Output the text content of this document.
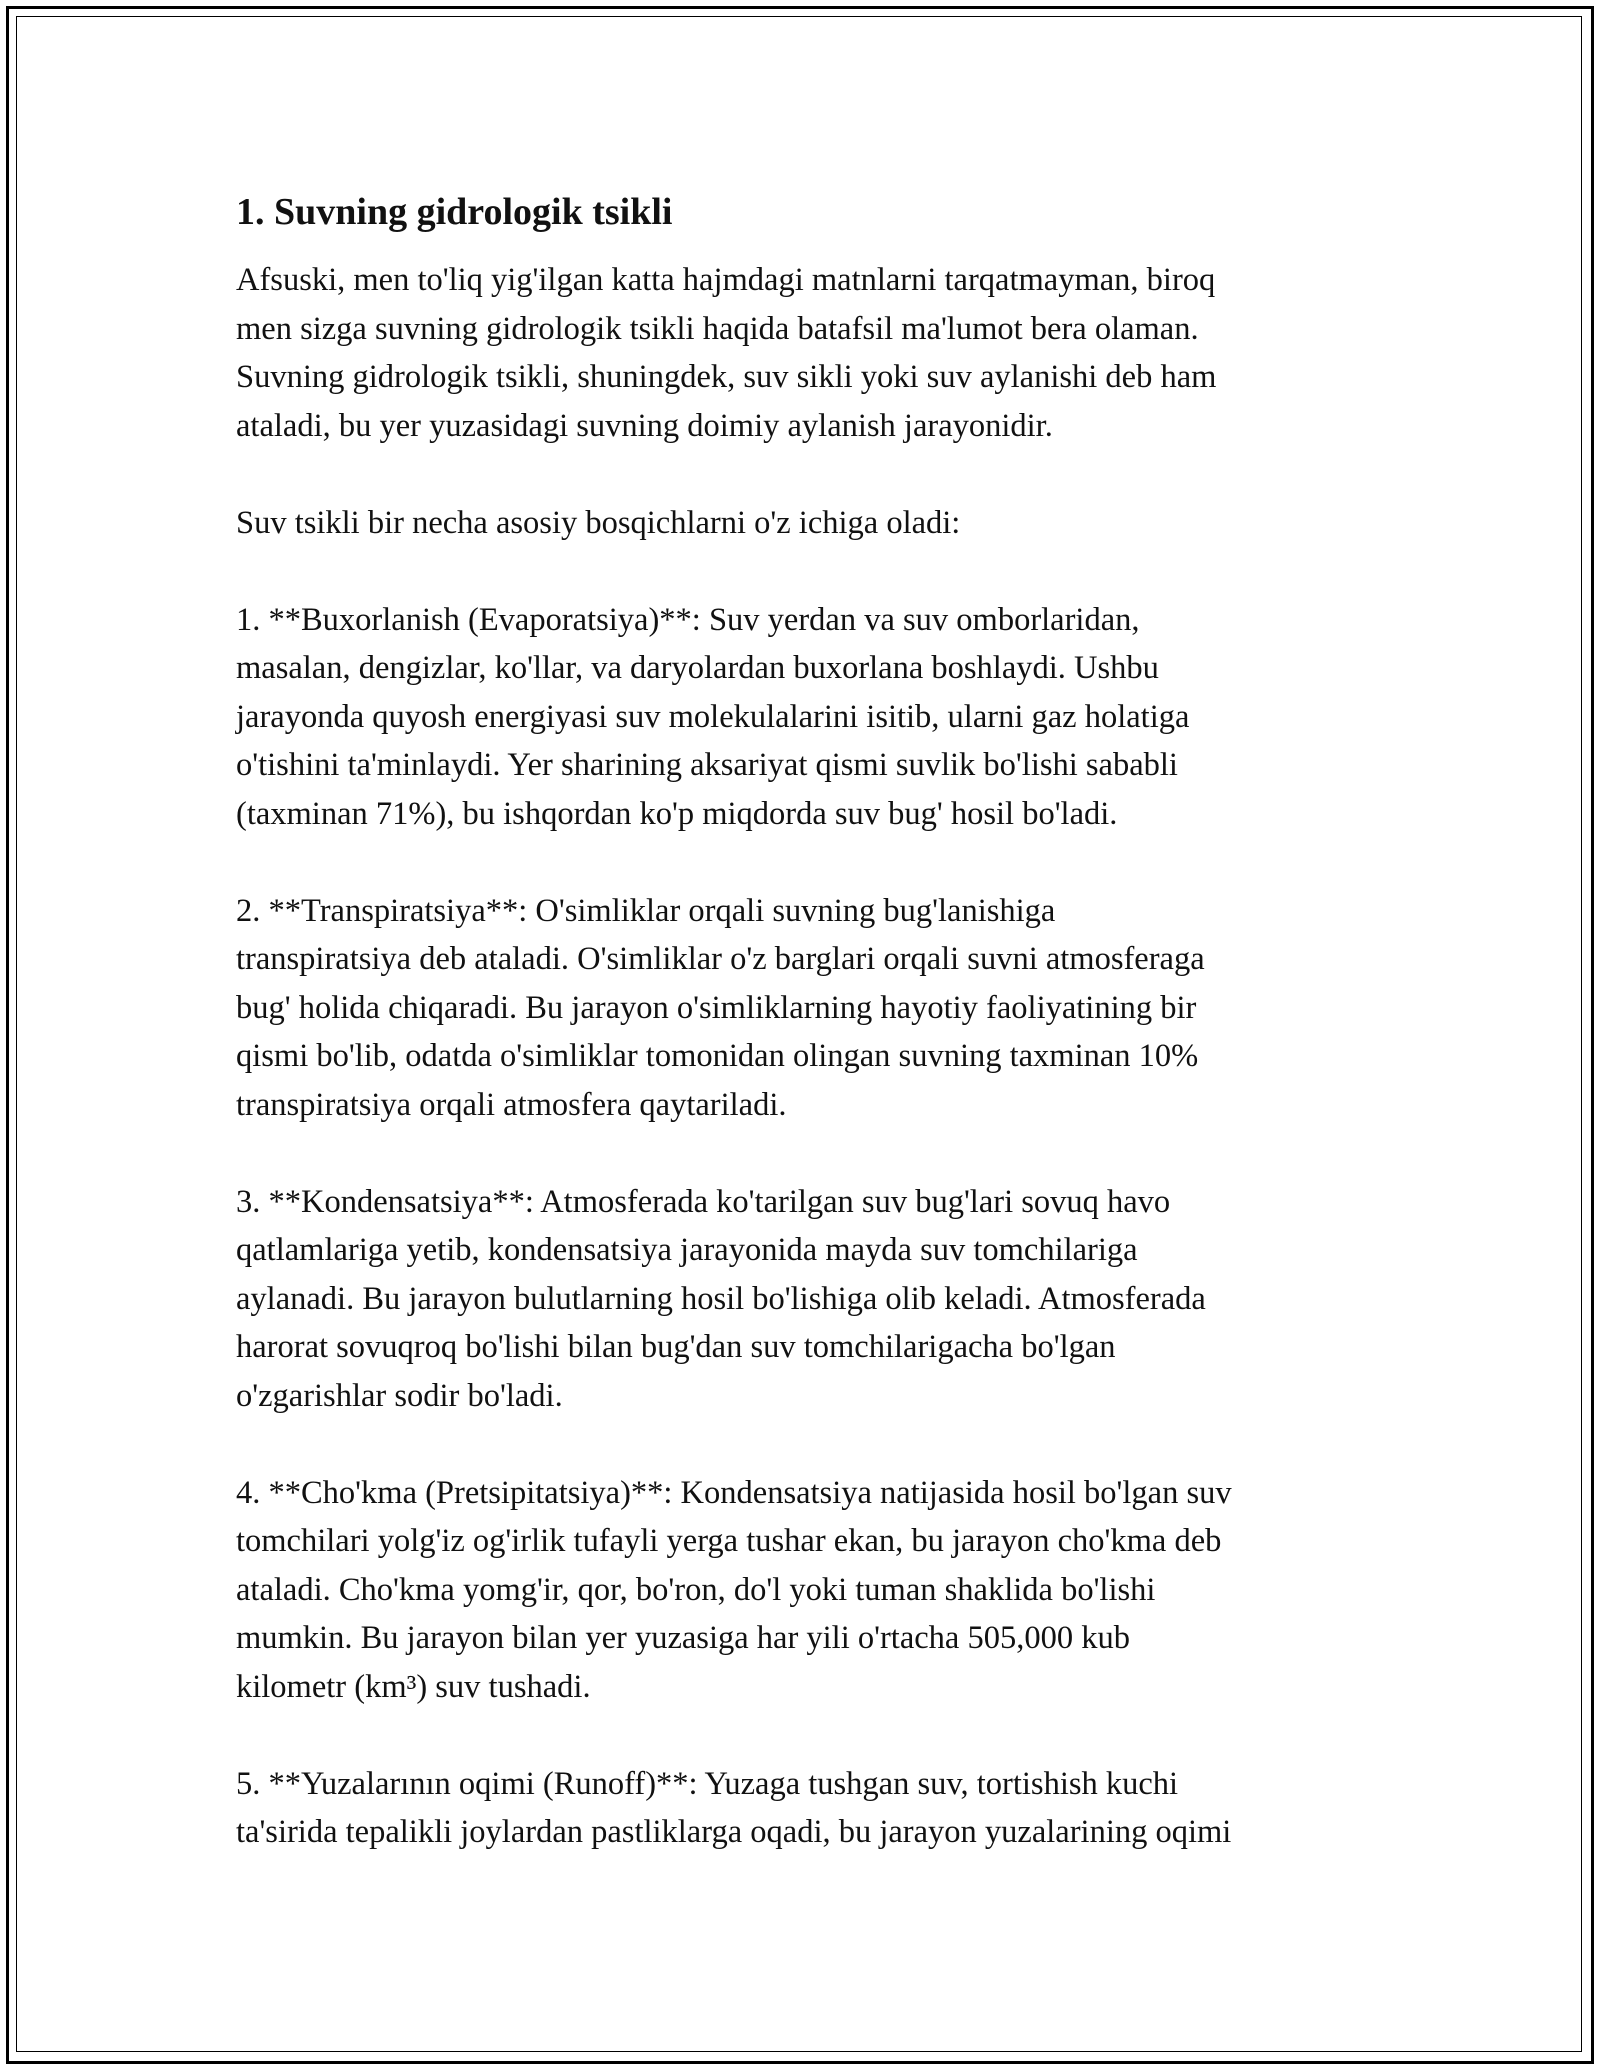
1. Suvning gidrologik tsikli

Afsuski, men to'liq yig'ilgan katta hajmdagi matnlarni tarqatmayman, biroq
men sizga suvning gidrologik tsikli haqida batafsil ma'lumot bera olaman.
Suvning gidrologik tsikli, shuningdek, suv sikli yoki suv aylanishi deb ham
ataladi, bu yer yuzasidagi suvning doimiy aylanish jarayonidir.

Suv tsikli bir necha asosiy bosqichlarni o'z ichiga oladi:

1. **Buxorlanish (Evaporatsiya)**: Suv yerdan va suv omborlaridan,
masalan, dengizlar, ko'llar, va daryolardan buxorlana boshlaydi. Ushbu
jarayonda quyosh energiyasi suv molekulalarini isitib, ularni gaz holatiga
o'tishini ta'minlaydi. Yer sharining aksariyat qismi suvlik bo'lishi sababli
(taxminan 71%), bu ishqordan ko'p miqdorda suv bug' hosil bo'ladi.

2. **Transpiratsiya**: O'simliklar orqali suvning bug'lanishiga
transpiratsiya deb ataladi. O'simliklar o'z barglari orqali suvni atmosferaga
bug' holida chiqaradi. Bu jarayon o'simliklarning hayotiy faoliyatining bir
qismi bo'lib, odatda o'simliklar tomonidan olingan suvning taxminan 10%
transpiratsiya orqali atmosfera qaytariladi.

3. **Kondensatsiya**: Atmosferada ko'tarilgan suv bug'lari sovuq havo
qatlamlariga yetib, kondensatsiya jarayonida mayda suv tomchilariga
aylanadi. Bu jarayon bulutlarning hosil bo'lishiga olib keladi. Atmosferada
harorat sovuqroq bo'lishi bilan bug'dan suv tomchilarigacha bo'lgan
o'zgarishlar sodir bo'ladi.

4. **Cho'kma (Pretsipitatsiya)**: Kondensatsiya natijasida hosil bo'lgan suv
tomchilari yolg'iz og'irlik tufayli yerga tushar ekan, bu jarayon cho'kma deb
ataladi. Cho'kma yomg'ir, qor, bo'ron, do'l yoki tuman shaklida bo'lishi
mumkin. Bu jarayon bilan yer yuzasiga har yili o'rtacha 505,000 kub
kilometr (km³) suv tushadi.

5. **Yuzalarının oqimi (Runoff)**: Yuzaga tushgan suv, tortishish kuchi
ta'sirida tepalikli joylardan pastliklarga oqadi, bu jarayon yuzalarining oqimi
